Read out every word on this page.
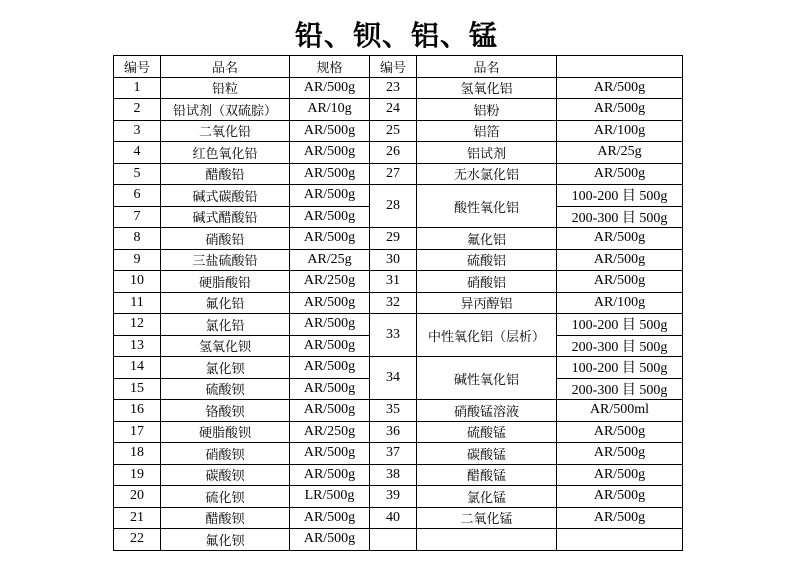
铅、钡、铝、锰
编号	品名	规格	编号	品名	
1	铅粒	AR/500g	23	氢氧化铝	AR/500g
2	铅试剂（双硫腙）	AR/10g	24	铝粉	AR/500g
3	二氧化铅	AR/500g	25	铝箔	AR/100g
4	红色氧化铅	AR/500g	26	铝试剂	AR/25g
5	醋酸铅	AR/500g	27	无水氯化铝	AR/500g
6	碱式碳酸铅	AR/500g	28	酸性氧化铝	100-200 目 500g
7	碱式醋酸铅	AR/500g			200-300 目 500g
8	硝酸铅	AR/500g	29	氟化铝	AR/500g
9	三盐硫酸铅	AR/25g	30	硫酸铝	AR/500g
10	硬脂酸铅	AR/250g	31	硝酸铝	AR/500g
11	氟化铅	AR/500g	32	异丙醇铝	AR/100g
12	氯化铅	AR/500g	33	中性氧化铝（层析）	100-200 目 500g
13	氢氧化钡	AR/500g			200-300 目 500g
14	氯化钡	AR/500g	34	碱性氧化铝	100-200 目 500g
15	硫酸钡	AR/500g			200-300 目 500g
16	铬酸钡	AR/500g	35	硝酸锰溶液	AR/500ml
17	硬脂酸钡	AR/250g	36	硫酸锰	AR/500g
18	硝酸钡	AR/500g	37	碳酸锰	AR/500g
19	碳酸钡	AR/500g	38	醋酸锰	AR/500g
20	硫化钡	LR/500g	39	氯化锰	AR/500g
21	醋酸钡	AR/500g	40	二氧化锰	AR/500g
22	氟化钡	AR/500g			
